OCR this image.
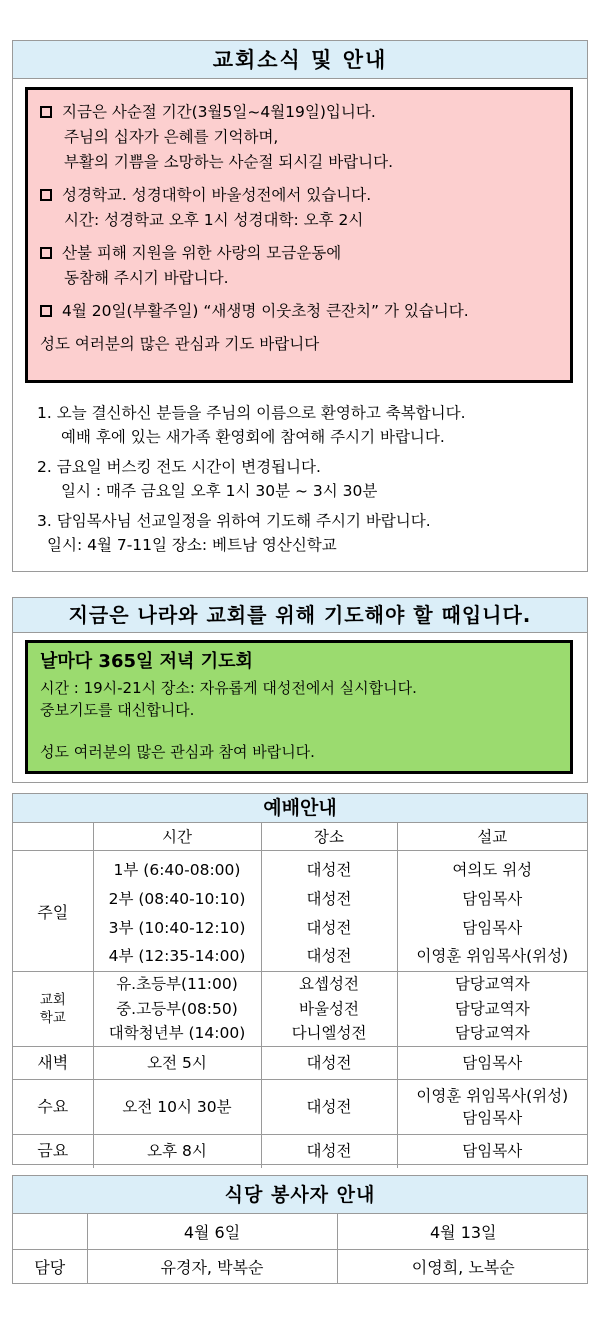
교회소식 및 안내
지금은 사순절 기간(3월5일~4월19일)입니다.
주님의 십자가 은혜를 기억하며,
부활의 기쁨을 소망하는 사순절 되시길 바랍니다.
성경학교. 성경대학이 바울성전에서 있습니다.
시간: 성경학교 오후 1시 성경대학: 오후 2시
산불 피해 지원을 위한 사랑의 모금운동에
동참해 주시기 바랍니다.
4월 20일(부활주일) “새생명 이웃초청 큰잔치” 가 있습니다.
성도 여러분의 많은 관심과 기도 바랍니다
1. 오늘 결신하신 분들을 주님의 이름으로 환영하고 축복합니다.
예배 후에 있는 새가족 환영회에 참여해 주시기 바랍니다.
2. 금요일 버스킹 전도 시간이 변경됩니다.
일시 : 매주 금요일 오후 1시 30분 ~ 3시 30분
3. 담임목사님 선교일정을 위하여 기도해 주시기 바랍니다.
일시: 4월 7-11일 장소: 베트남 영산신학교
지금은 나라와 교회를 위해 기도해야 할 때입니다.
날마다 365일 저녁 기도회
시간 : 19시-21시 장소: 자유롭게 대성전에서 실시합니다.
중보기도를 대신합니다.
성도 여러분의 많은 관심과 참여 바랍니다.
예배안내
	시간	장소	설교
주일	1부 (6:40-08:00)	대성전	여의도 위성
	2부 (08:40-10:10)	대성전	담임목사
	3부 (10:40-12:10)	대성전	담임목사
	4부 (12:35-14:00)	대성전	이영훈 위임목사(위성)

교회
학교	유.초등부(11:00)	요셉성전	담당교역자
	중.고등부(08:50)	바울성전	담당교역자
	대학청년부 (14:00)	다니엘성전	담당교역자
새벽	오전 5시	대성전	담임목사
수요	오전 10시 30분	대성전	이영훈 위임목사(위성)
담임목사

금요	오후 8시	대성전	담임목사
식당 봉사자 안내
	4월 6일	4월 13일
담당	유경자, 박복순	이영희, 노복순
